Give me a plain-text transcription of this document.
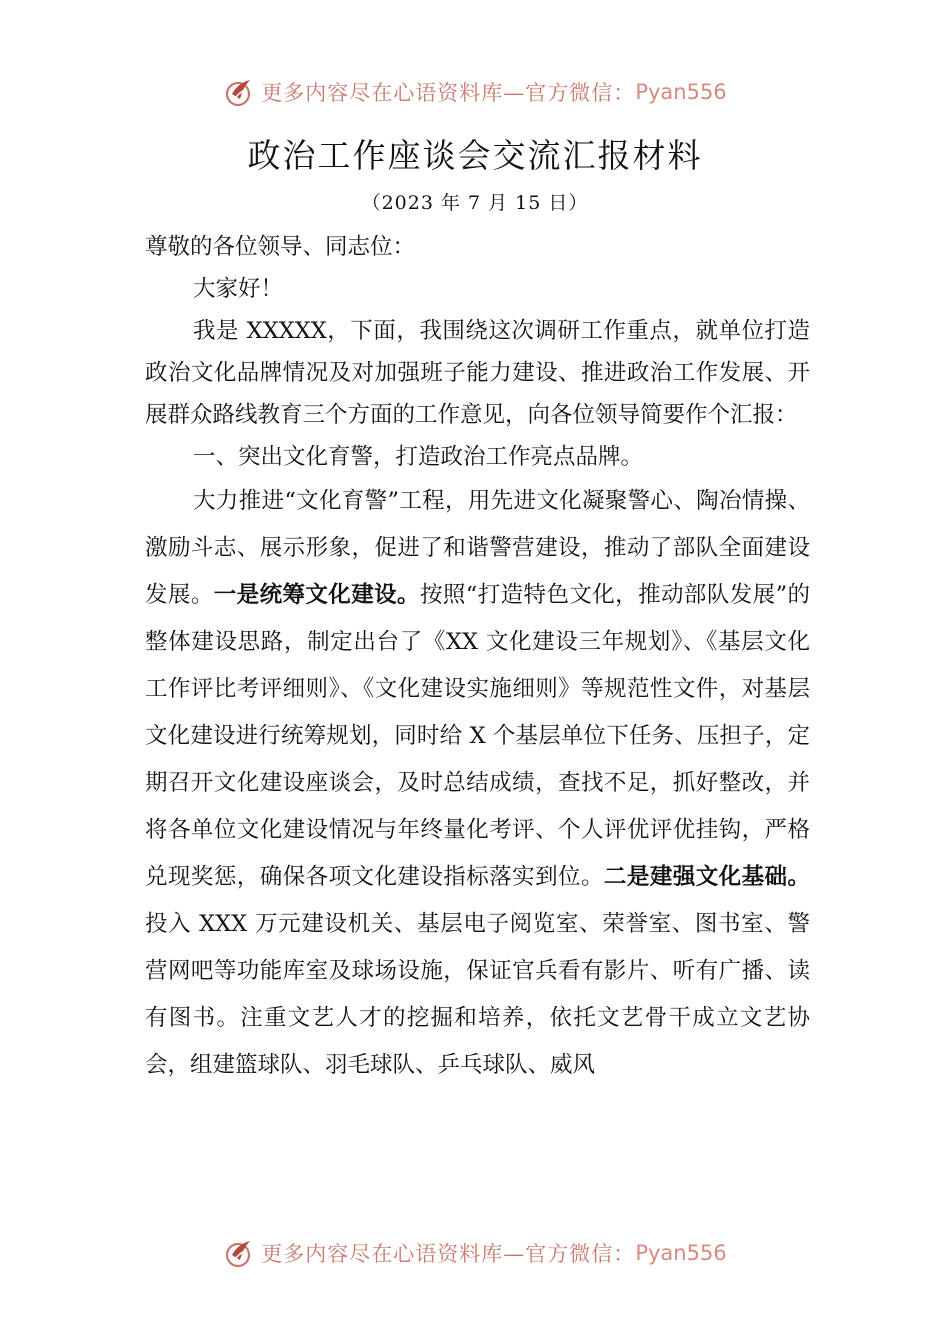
更多内容尽在心语资料库—官方微信： Pyan556
政治工作座谈会交流汇报材料
（2023 年 7 月 15 日）

尊敬的各位领导、同志位：

大家好！

我是 XXXXX，下面，我围绕这次调研工作重点，就单位打造政治文化品牌情况及对加强班子能力建设、推进政治工作发展、开展群众路线教育三个方面的工作意见，向各位领导简要作个汇报：

一、突出文化育警，打造政治工作亮点品牌。

大力推进“文化育警”工程，用先进文化凝聚警心、陶冶情操、激励斗志、展示形象，促进了和谐警营建设，推动了部队全面建设发展。一是统筹文化建设。按照“打造特色文化，推动部队发展”的整体建设思路，制定出台了《XX 文化建设三年规划》、《基层文化工作评比考评细则》、《文化建设实施细则》等规范性文件，对基层文化建设进行统筹规划，同时给 X 个基层单位下任务、压担子，定期召开文化建设座谈会，及时总结成绩，查找不足，抓好整改，并将各单位文化建设情况与年终量化考评、个人评优评优挂钩，严格兑现奖惩，确保各项文化建设指标落实到位。二是建强文化基础。投入 XXX 万元建设机关、基层电子阅览室、荣誉室、图书室、警营网吧等功能库室及球场设施，保证官兵看有影片、听有广播、读有图书。注重文艺人才的挖掘和培养，依托文艺骨干成立文艺协会，组建篮球队、羽毛球队、乒乓球队、威风

更多内容尽在心语资料库—官方微信： Pyan556
